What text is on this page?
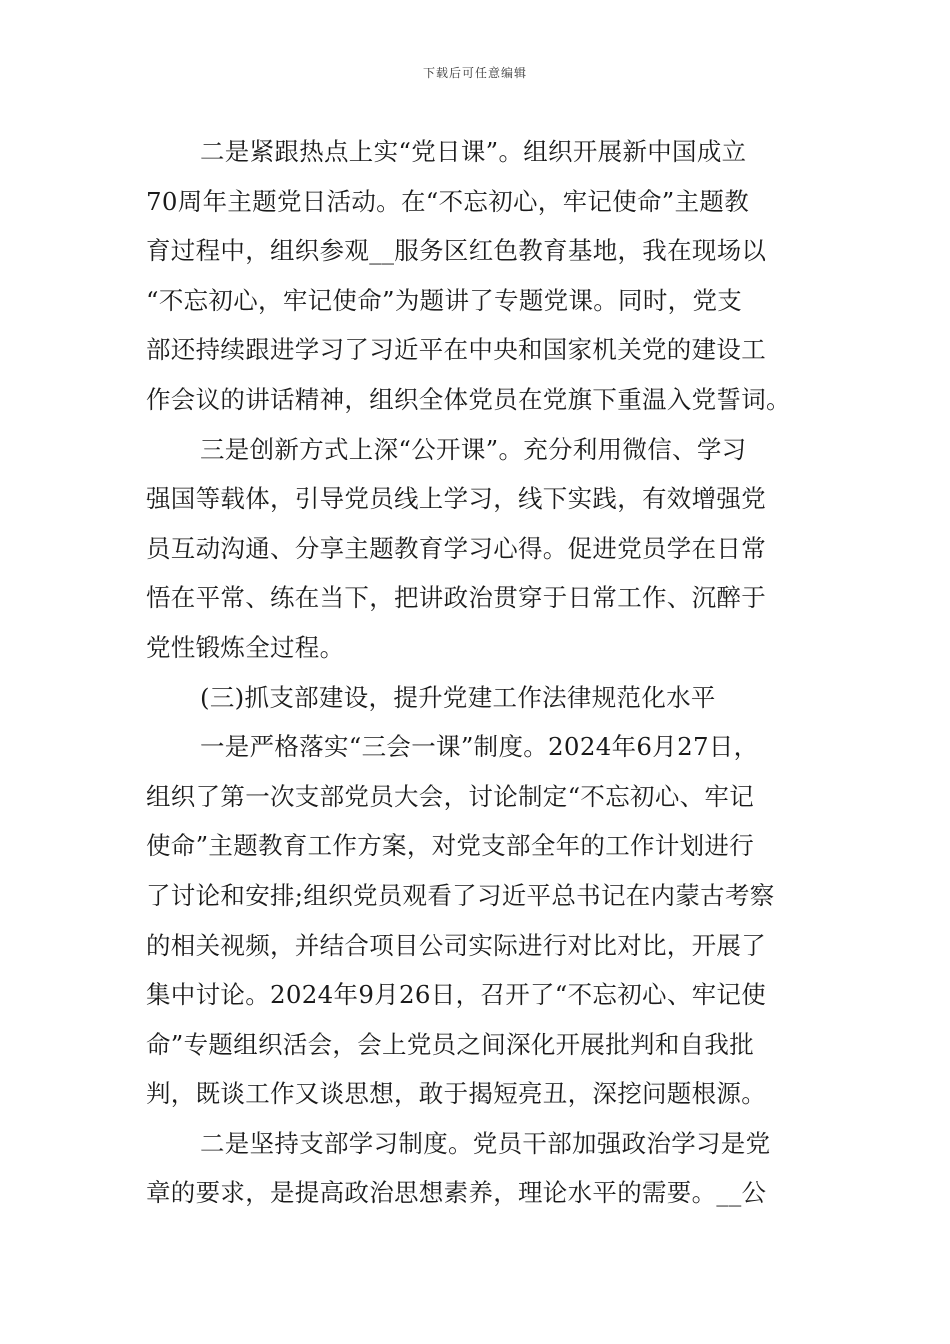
下载后可任意编辑
二是紧跟热点上实“党日课”。组织开展新中国成立
70周年主题党日活动。在“不忘初心，牢记使命”主题教
育过程中，组织参观__服务区红色教育基地，我在现场以
“不忘初心，牢记使命”为题讲了专题党课。同时，党支
部还持续跟进学习了习近平在中央和国家机关党的建设工
作会议的讲话精神，组织全体党员在党旗下重温入党誓词。
三是创新方式上深“公开课”。充分利用微信、学习
强国等载体，引导党员线上学习，线下实践，有效增强党
员互动沟通、分享主题教育学习心得。促进党员学在日常
悟在平常、练在当下，把讲政治贯穿于日常工作、沉醉于
党性锻炼全过程。
(三)抓支部建设，提升党建工作法律规范化水平
一是严格落实“三会一课”制度。2024年6月27日，
组织了第一次支部党员大会，讨论制定“不忘初心、牢记
使命”主题教育工作方案，对党支部全年的工作计划进行
了讨论和安排;组织党员观看了习近平总书记在内蒙古考察
的相关视频，并结合项目公司实际进行对比对比，开展了
集中讨论。2024年9月26日，召开了“不忘初心、牢记使
命”专题组织活会，会上党员之间深化开展批判和自我批
判，既谈工作又谈思想，敢于揭短亮丑，深挖问题根源。
二是坚持支部学习制度。党员干部加强政治学习是党
章的要求，是提高政治思想素养，理论水平的需要。__公
